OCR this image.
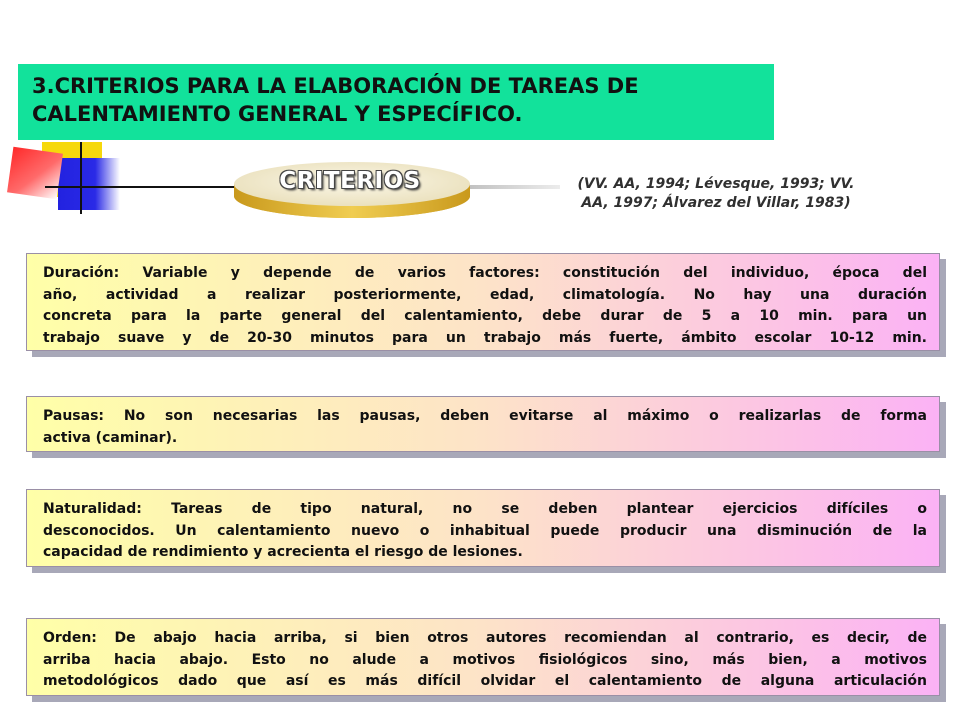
3.CRITERIOS PARA LA ELABORACIÓN DE TAREAS DE
CALENTAMIENTO GENERAL Y ESPECÍFICO.
CRITERIOS	(VV. AA, 1994; Lévesque, 1993; VV.
AA, 1997; Álvarez del Villar, 1983)
Duración: Variable y depende de varios factores: constitución del individuo, época del
año, actividad a realizar posteriormente, edad, climatología. No hay una duración
concreta para la parte general del calentamiento, debe durar de 5 a 10 min. para un
trabajo suave y de 20-30 minutos para un trabajo más fuerte, ámbito escolar 10-12 min.
Pausas: No son necesarias las pausas, deben evitarse al máximo o realizarlas de forma
activa (caminar).
Naturalidad: Tareas de tipo natural, no se deben plantear ejercicios difíciles o
desconocidos. Un calentamiento nuevo o inhabitual puede producir una disminución de la
capacidad de rendimiento y acrecienta el riesgo de lesiones.
Orden: De abajo hacia arriba, si bien otros autores recomiendan al contrario, es decir, de
arriba hacia abajo. Esto no alude a motivos fisiológicos sino, más bien, a motivos
metodológicos dado que así es más difícil olvidar el calentamiento de alguna articulación
